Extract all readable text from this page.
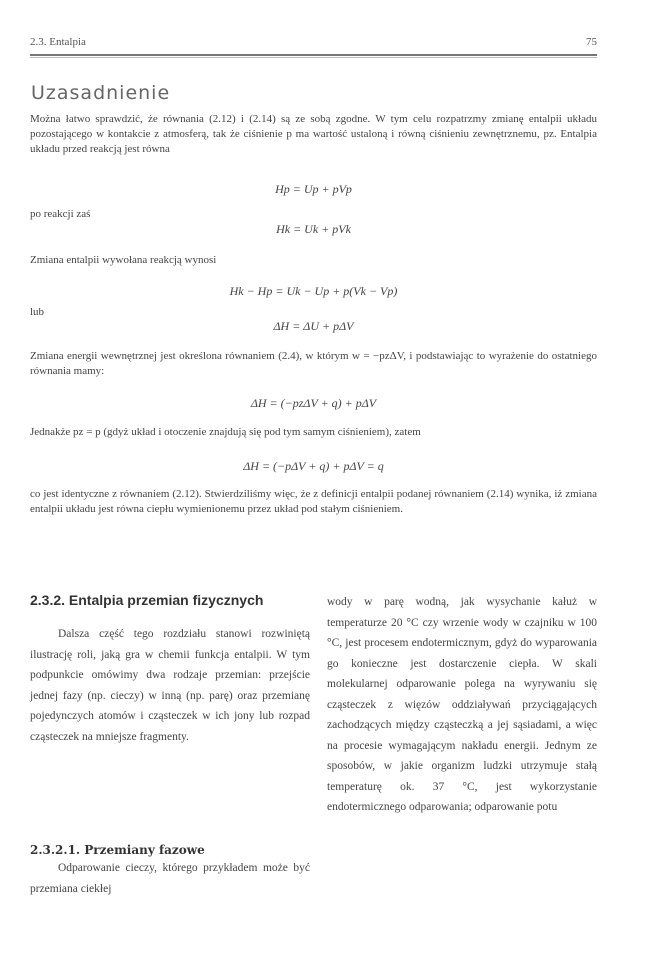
2.3. Entalpia	75
Uzasadnienie
Można łatwo sprawdzić, że równania (2.12) i (2.14) są ze sobą zgodne. W tym celu rozpatrzmy zmianę entalpii układu pozostającego w kontakcie z atmosferą, tak że ciśnienie p ma wartość ustaloną i równą ciśnieniu zewnętrznemu, pz. Entalpia układu przed reakcją jest równa
Hp = Up + pVp
po reakcji zaś
Hk = Uk + pVk
Zmiana entalpii wywołana reakcją wynosi
Hk − Hp = Uk − Up + p(Vk − Vp)
lub
ΔH = ΔU + pΔV
Zmiana energii wewnętrznej jest określona równaniem (2.4), w którym w = −pzΔV, i podstawiając to wyrażenie do ostatniego równania mamy:
ΔH = (−pzΔV + q) + pΔV
Jednakże pz = p (gdyż układ i otoczenie znajdują się pod tym samym ciśnieniem), zatem
ΔH = (−pΔV + q) + pΔV = q
co jest identyczne z równaniem (2.12). Stwierdziliśmy więc, że z definicji entalpii podanej równaniem (2.14) wynika, iż zmiana entalpii układu jest równa ciepłu wymienionemu przez układ pod stałym ciśnieniem.
2.3.2. Entalpia przemian fizycznych
Dalsza część tego rozdziału stanowi rozwiniętą ilustrację roli, jaką gra w chemii funkcja entalpii. W tym podpunkcie omówimy dwa rodzaje przemian: przejście jednej fazy (np. cieczy) w inną (np. parę) oraz przemianę pojedynczych atomów i cząsteczek w ich jony lub rozpad cząsteczek na mniejsze fragmenty.
2.3.2.1. Przemiany fazowe
Odparowanie cieczy, którego przykładem może być przemiana ciekłej
wody w parę wodną, jak wysychanie kałuż w temperaturze 20 °C czy wrzenie wody w czajniku w 100 °C, jest procesem endotermicznym, gdyż do wyparowania go konieczne jest dostarczenie ciepła. W skali molekularnej odparowanie polega na wyrywaniu się cząsteczek z więzów oddziaływań przyciągających zachodzących między cząsteczką a jej sąsiadami, a więc na procesie wymagającym nakładu energii. Jednym ze sposobów, w jakie organizm ludzki utrzymuje stałą temperaturę ok. 37 °C, jest wykorzystanie endotermicznego odparowania; odparowanie potu
